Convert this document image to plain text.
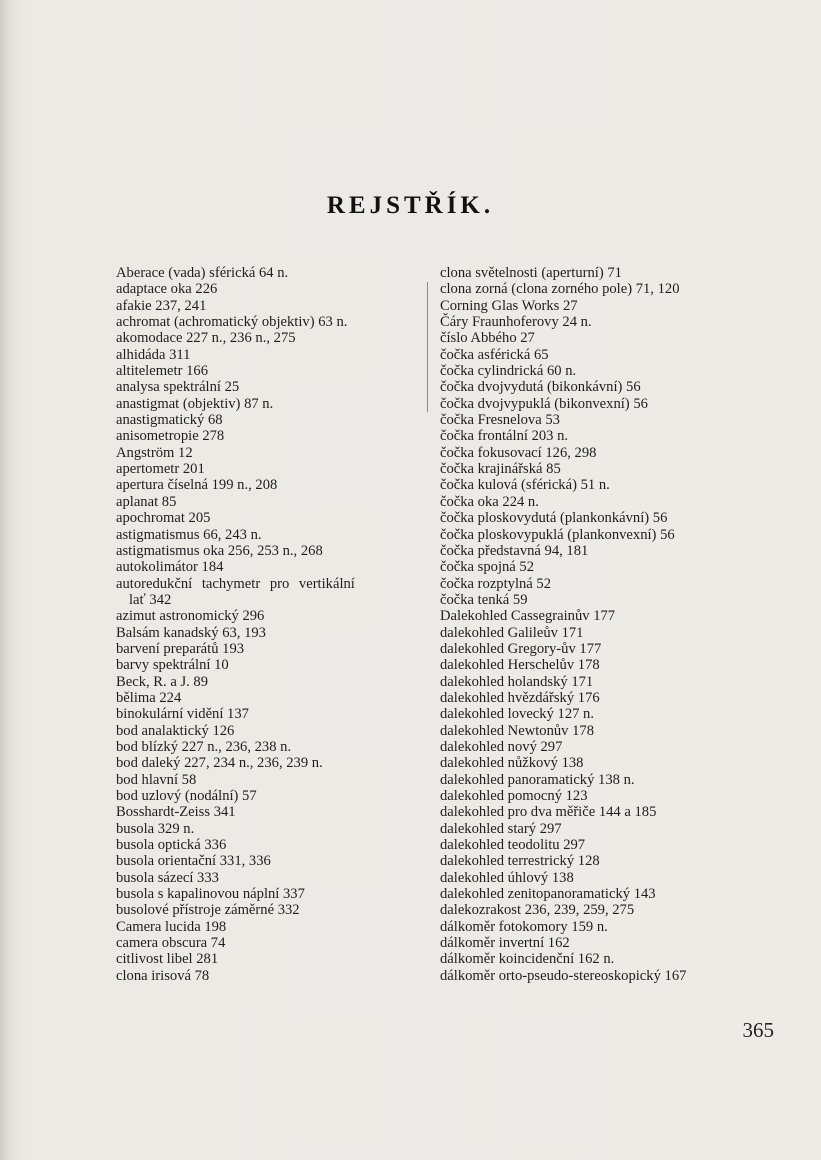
REJSTŘÍK.
Aberace (vada) sférická 64 n.
adaptace oka 226
afakie 237, 241
achromat (achromatický objektiv) 63 n.
akomodace 227 n., 236 n., 275
alhidáda 311
altitelemetr 166
analysa spektrální 25
anastigmat (objektiv) 87 n.
anastigmatický 68
anisometropie 278
Angström 12
apertometr 201
apertura číselná 199 n., 208
aplanat 85
apochromat 205
astigmatismus 66, 243 n.
astigmatismus oka 256, 253 n., 268
autokolimátor 184
autoredukční tachymetr pro vertikální
lať 342
azimut astronomický 296
Balsám kanadský 63, 193
barvení preparátů 193
barvy spektrální 10
Beck, R. a J. 89
bělima 224
binokulární vidění 137
bod analaktický 126
bod blízký 227 n., 236, 238 n.
bod daleký 227, 234 n., 236, 239 n.
bod hlavní 58
bod uzlový (nodální) 57
Bosshardt-Zeiss 341
busola 329 n.
busola optická 336
busola orientační 331, 336
busola sázecí 333
busola s kapalinovou náplní 337
busolové přístroje záměrné 332
Camera lucida 198
camera obscura 74
citlivost libel 281
clona irisová 78
clona světelnosti (aperturní) 71
clona zorná (clona zorného pole) 71, 120
Corning Glas Works 27
Čáry Fraunhoferovy 24 n.
číslo Abbého 27
čočka asférická 65
čočka cylindrická 60 n.
čočka dvojvydutá (bikonkávní) 56
čočka dvojvypuklá (bikonvexní) 56
čočka Fresnelova 53
čočka frontální 203 n.
čočka fokusovací 126, 298
čočka krajinářská 85
čočka kulová (sférická) 51 n.
čočka oka 224 n.
čočka ploskovydutá (plankonkávní) 56
čočka ploskovypuklá (plankonvexní) 56
čočka představná 94, 181
čočka spojná 52
čočka rozptylná 52
čočka tenká 59
Dalekohled Cassegrainův 177
dalekohled Galileův 171
dalekohled Gregory-ův 177
dalekohled Herschelův 178
dalekohled holandský 171
dalekohled hvězdářský 176
dalekohled lovecký 127 n.
dalekohled Newtonův 178
dalekohled nový 297
dalekohled nůžkový 138
dalekohled panoramatický 138 n.
dalekohled pomocný 123
dalekohled pro dva měřiče 144 a 185
dalekohled starý 297
dalekohled teodolitu 297
dalekohled terrestrický 128
dalekohled úhlový 138
dalekohled zenitopanoramatický 143
dalekozrakost 236, 239, 259, 275
dálkoměr fotokomory 159 n.
dálkoměr invertní 162
dálkoměr koincidenční 162 n.
dálkoměr orto-pseudo-stereoskopický 167
365
